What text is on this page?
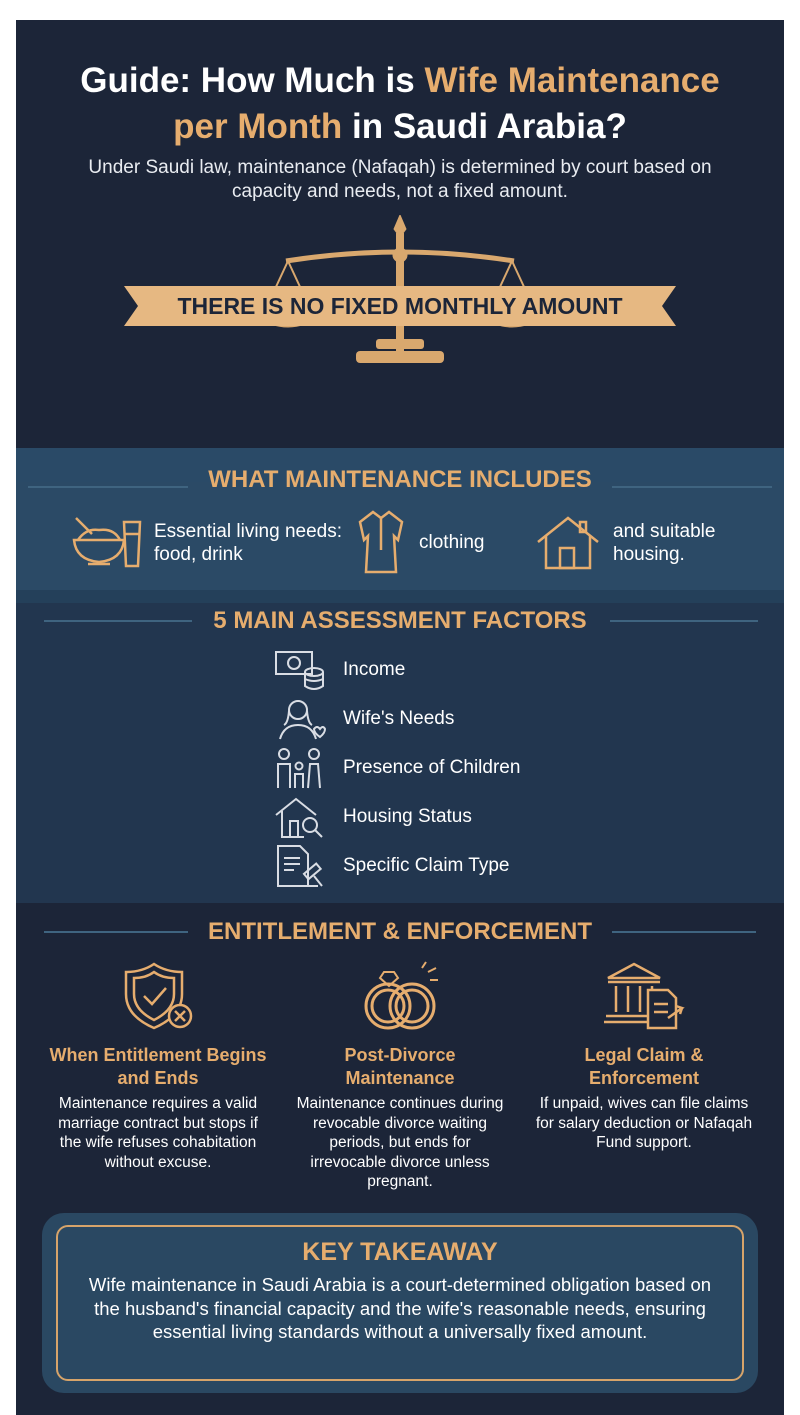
Guide: How Much is Wife Maintenance
per Month in Saudi Arabia?
Under Saudi law, maintenance (Nafaqah) is determined by court based on capacity and needs, not a fixed amount.
THERE IS NO FIXED MONTHLY AMOUNT
WHAT MAINTENANCE INCLUDES
Essential living needs: food, drink
clothing
and suitable housing.
5 MAIN ASSESSMENT FACTORS
Income
Wife's Needs
Presence of Children
Housing Status
Specific Claim Type
ENTITLEMENT & ENFORCEMENT
When Entitlement Begins and Ends
Maintenance requires a valid marriage contract but stops if the wife refuses cohabitation without excuse.
Post-Divorce Maintenance
Maintenance continues during revocable divorce waiting periods, but ends for irrevocable divorce unless pregnant.
Legal Claim & Enforcement
If unpaid, wives can file claims for salary deduction or Nafaqah Fund support.
KEY TAKEAWAY
Wife maintenance in Saudi Arabia is a court-determined obligation based on the husband's financial capacity and the wife's reasonable needs, ensuring essential living standards without a universally fixed amount.
